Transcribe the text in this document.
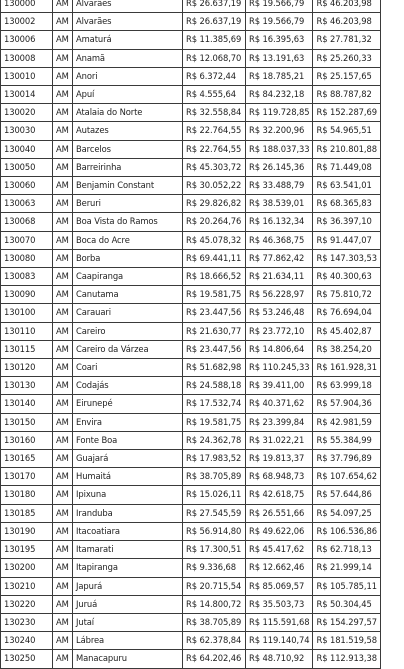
130000	AM	Alvarães	R$ 26.637,19	R$ 19.566,79	R$ 46.203,98
130002	AM	Alvarães	R$ 26.637,19	R$ 19.566,79	R$ 46.203,98
130006	AM	Amaturá	R$ 11.385,69	R$ 16.395,63	R$ 27.781,32
130008	AM	Anamã	R$ 12.068,70	R$ 13.191,63	R$ 25.260,33
130010	AM	Anori	R$ 6.372,44	R$ 18.785,21	R$ 25.157,65
130014	AM	Apuí	R$ 4.555,64	R$ 84.232,18	R$ 88.787,82
130020	AM	Atalaia do Norte	R$ 32.558,84	R$ 119.728,85	R$ 152.287,69
130030	AM	Autazes	R$ 22.764,55	R$ 32.200,96	R$ 54.965,51
130040	AM	Barcelos	R$ 22.764,55	R$ 188.037,33	R$ 210.801,88
130050	AM	Barreirinha	R$ 45.303,72	R$ 26.145,36	R$ 71.449,08
130060	AM	Benjamin Constant	R$ 30.052,22	R$ 33.488,79	R$ 63.541,01
130063	AM	Beruri	R$ 29.826,82	R$ 38.539,01	R$ 68.365,83
130068	AM	Boa Vista do Ramos	R$ 20.264,76	R$ 16.132,34	R$ 36.397,10
130070	AM	Boca do Acre	R$ 45.078,32	R$ 46.368,75	R$ 91.447,07
130080	AM	Borba	R$ 69.441,11	R$ 77.862,42	R$ 147.303,53
130083	AM	Caapiranga	R$ 18.666,52	R$ 21.634,11	R$ 40.300,63
130090	AM	Canutama	R$ 19.581,75	R$ 56.228,97	R$ 75.810,72
130100	AM	Carauari	R$ 23.447,56	R$ 53.246,48	R$ 76.694,04
130110	AM	Careiro	R$ 21.630,77	R$ 23.772,10	R$ 45.402,87
130115	AM	Careiro da Várzea	R$ 23.447,56	R$ 14.806,64	R$ 38.254,20
130120	AM	Coari	R$ 51.682,98	R$ 110.245,33	R$ 161.928,31
130130	AM	Codajás	R$ 24.588,18	R$ 39.411,00	R$ 63.999,18
130140	AM	Eirunepé	R$ 17.532,74	R$ 40.371,62	R$ 57.904,36
130150	AM	Envira	R$ 19.581,75	R$ 23.399,84	R$ 42.981,59
130160	AM	Fonte Boa	R$ 24.362,78	R$ 31.022,21	R$ 55.384,99
130165	AM	Guajará	R$ 17.983,52	R$ 19.813,37	R$ 37.796,89
130170	AM	Humaitá	R$ 38.705,89	R$ 68.948,73	R$ 107.654,62
130180	AM	Ipixuna	R$ 15.026,11	R$ 42.618,75	R$ 57.644,86
130185	AM	Iranduba	R$ 27.545,59	R$ 26.551,66	R$ 54.097,25
130190	AM	Itacoatiara	R$ 56.914,80	R$ 49.622,06	R$ 106.536,86
130195	AM	Itamarati	R$ 17.300,51	R$ 45.417,62	R$ 62.718,13
130200	AM	Itapiranga	R$ 9.336,68	R$ 12.662,46	R$ 21.999,14
130210	AM	Japurá	R$ 20.715,54	R$ 85.069,57	R$ 105.785,11
130220	AM	Juruá	R$ 14.800,72	R$ 35.503,73	R$ 50.304,45
130230	AM	Jutaí	R$ 38.705,89	R$ 115.591,68	R$ 154.297,57
130240	AM	Lábrea	R$ 62.378,84	R$ 119.140,74	R$ 181.519,58
130250	AM	Manacapuru	R$ 64.202,46	R$ 48.710,92	R$ 112.913,38
